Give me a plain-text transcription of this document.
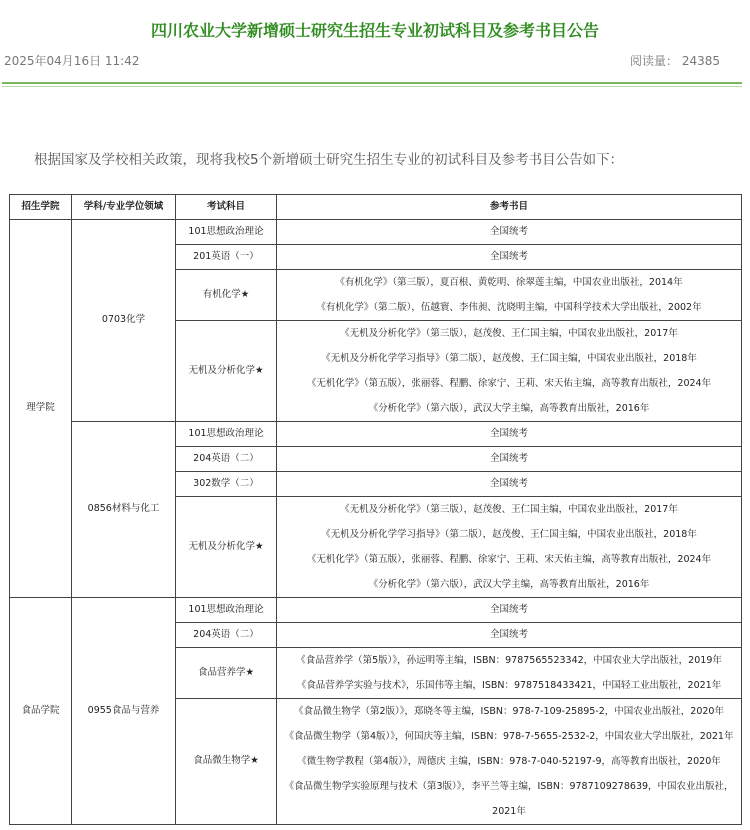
四川农业大学新增硕士研究生招生专业初试科目及参考书目公告
2025年04月16日 11:42	阅读量： 24385
根据国家及学校相关政策，现将我校5个新增硕士研究生招生专业的初试科目及参考书目公告如下：
招生学院	学科/专业学位领域	考试科目	参考书目
理学院	0703化学	101思想政治理论	全国统考
		201英语（一）	全国统考
		有机化学★	《有机化学》（第三版），夏百根、黄乾明、徐翠莲主编，中国农业出版社，2014年
《有机化学》（第二版），伍越寰、李伟昶、沈晓明主编，中国科学技术大学出版社，2002年

		无机及分析化学★	《无机及分析化学》（第三版），赵茂俊、王仁国主编，中国农业出版社，2017年
《无机及分析化学学习指导》（第二版），赵茂俊、王仁国主编，中国农业出版社，2018年
《无机化学》（第五版），张丽蓉、程鹏、徐家宁、王莉、宋天佑主编，高等教育出版社，2024年
《分析化学》（第六版），武汉大学主编，高等教育出版社，2016年

	0856材料与化工	101思想政治理论	全国统考
		204英语（二）	全国统考
		302数学（二）	全国统考
		无机及分析化学★	《无机及分析化学》（第三版），赵茂俊、王仁国主编，中国农业出版社，2017年
《无机及分析化学学习指导》（第二版），赵茂俊、王仁国主编，中国农业出版社，2018年
《无机化学》（第五版），张丽蓉、程鹏、徐家宁、王莉、宋天佑主编，高等教育出版社，2024年
《分析化学》（第六版），武汉大学主编，高等教育出版社，2016年

食品学院	0955食品与营养	101思想政治理论	全国统考
		204英语（二）	全国统考
		食品营养学★	《食品营养学（第5版）》，孙远明等主编，ISBN：9787565523342，中国农业大学出版社，2019年
《食品营养学实验与技术》，乐国伟等主编，ISBN：9787518433421，中国轻工业出版社，2021年

		食品微生物学★	《食品微生物学（第2版）》，郑晓冬等主编，ISBN：978-7-109-25895-2，中国农业出版社，2020年
《食品微生物学（第4版）》，何国庆等主编，ISBN：978-7-5655-2532-2，中国农业大学出版社，2021年
《微生物学教程（第4版）》，周德庆 主编，ISBN：978-7-040-52197-9，高等教育出版社，2020年
《食品微生物学实验原理与技术（第3版）》，李平兰等主编，ISBN：9787109278639，中国农业出版社，
2021年
